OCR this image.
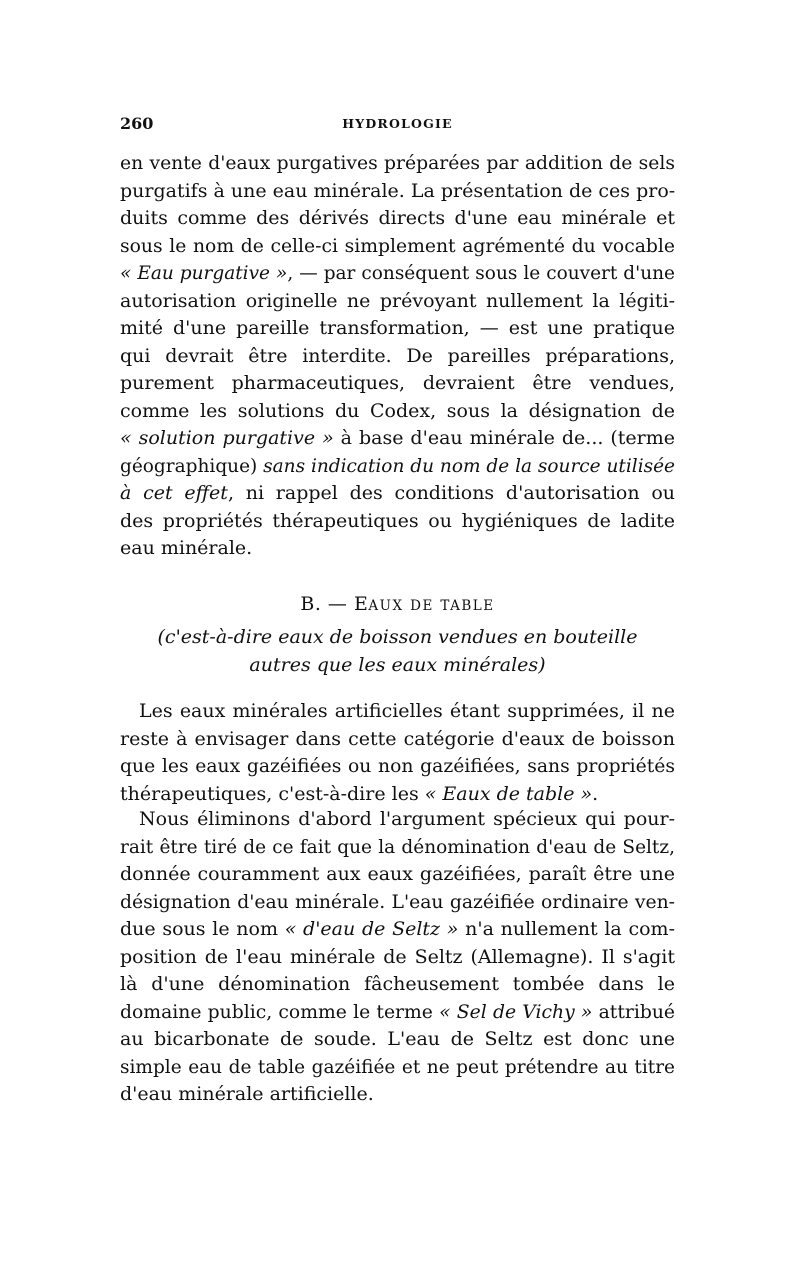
260	HYDROLOGIE
en vente d'eaux purgatives préparées par addition de sels
purgatifs à une eau minérale. La présentation de ces pro-
duits comme des dérivés directs d'une eau minérale et
sous le nom de celle-ci simplement agrémenté du vocable
« Eau purgative », — par conséquent sous le couvert d'une
autorisation originelle ne prévoyant nullement la légiti-
mité d'une pareille transformation, — est une pratique
qui devrait être interdite. De pareilles préparations,
purement pharmaceutiques, devraient être vendues,
comme les solutions du Codex, sous la désignation de
« solution purgative » à base d'eau minérale de... (terme
géographique) sans indication du nom de la source utilisée
à cet effet, ni rappel des conditions d'autorisation ou
des propriétés thérapeutiques ou hygiéniques de ladite
eau minérale.
B. — EAUX DE TABLE
(c'est-à-dire eaux de boisson vendues en bouteille
autres que les eaux minérales)
 Les eaux minérales artificielles étant supprimées, il ne
reste à envisager dans cette catégorie d'eaux de boisson
que les eaux gazéifiées ou non gazéifiées, sans propriétés
thérapeutiques, c'est-à-dire les « Eaux de table ».
 Nous éliminons d'abord l'argument spécieux qui pour-
rait être tiré de ce fait que la dénomination d'eau de Seltz,
donnée couramment aux eaux gazéifiées, paraît être une
désignation d'eau minérale. L'eau gazéifiée ordinaire ven-
due sous le nom « d'eau de Seltz » n'a nullement la com-
position de l'eau minérale de Seltz (Allemagne). Il s'agit
là d'une dénomination fâcheusement tombée dans le
domaine public, comme le terme « Sel de Vichy » attribué
au bicarbonate de soude. L'eau de Seltz est donc une
simple eau de table gazéifiée et ne peut prétendre au titre
d'eau minérale artificielle.
